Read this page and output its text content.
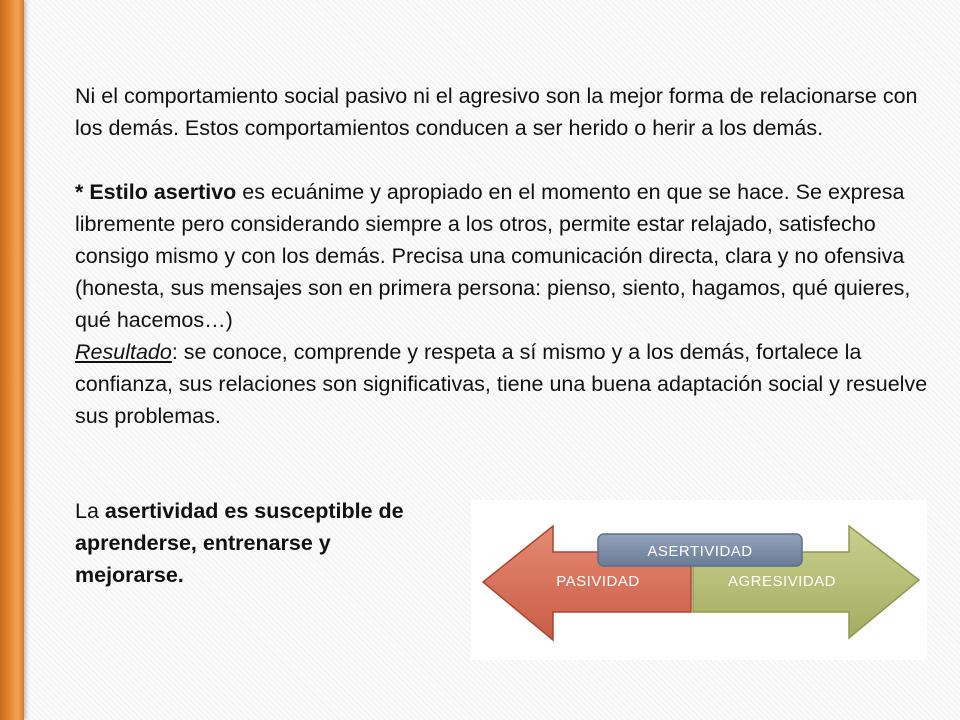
Ni el comportamiento social pasivo ni el agresivo son la mejor forma de relacionarse con los demás. Estos comportamientos conducen a ser herido o herir a los demás.

* Estilo asertivo es ecuánime y apropiado en el momento en que se hace. Se expresa libremente pero considerando siempre a los otros, permite estar relajado, satisfecho consigo mismo y con los demás. Precisa una comunicación directa, clara y no ofensiva (honesta, sus mensajes son en primera persona: pienso, siento, hagamos, qué quieres, qué hacemos…)
Resultado: se conoce, comprende y respeta a sí mismo y a los demás, fortalece la confianza, sus relaciones son significativas, tiene una buena adaptación social y resuelve sus problemas.

La asertividad es susceptible de aprenderse, entrenarse y mejorarse.
ASERTIVIDAD
PASIVIDAD	AGRESIVIDAD
